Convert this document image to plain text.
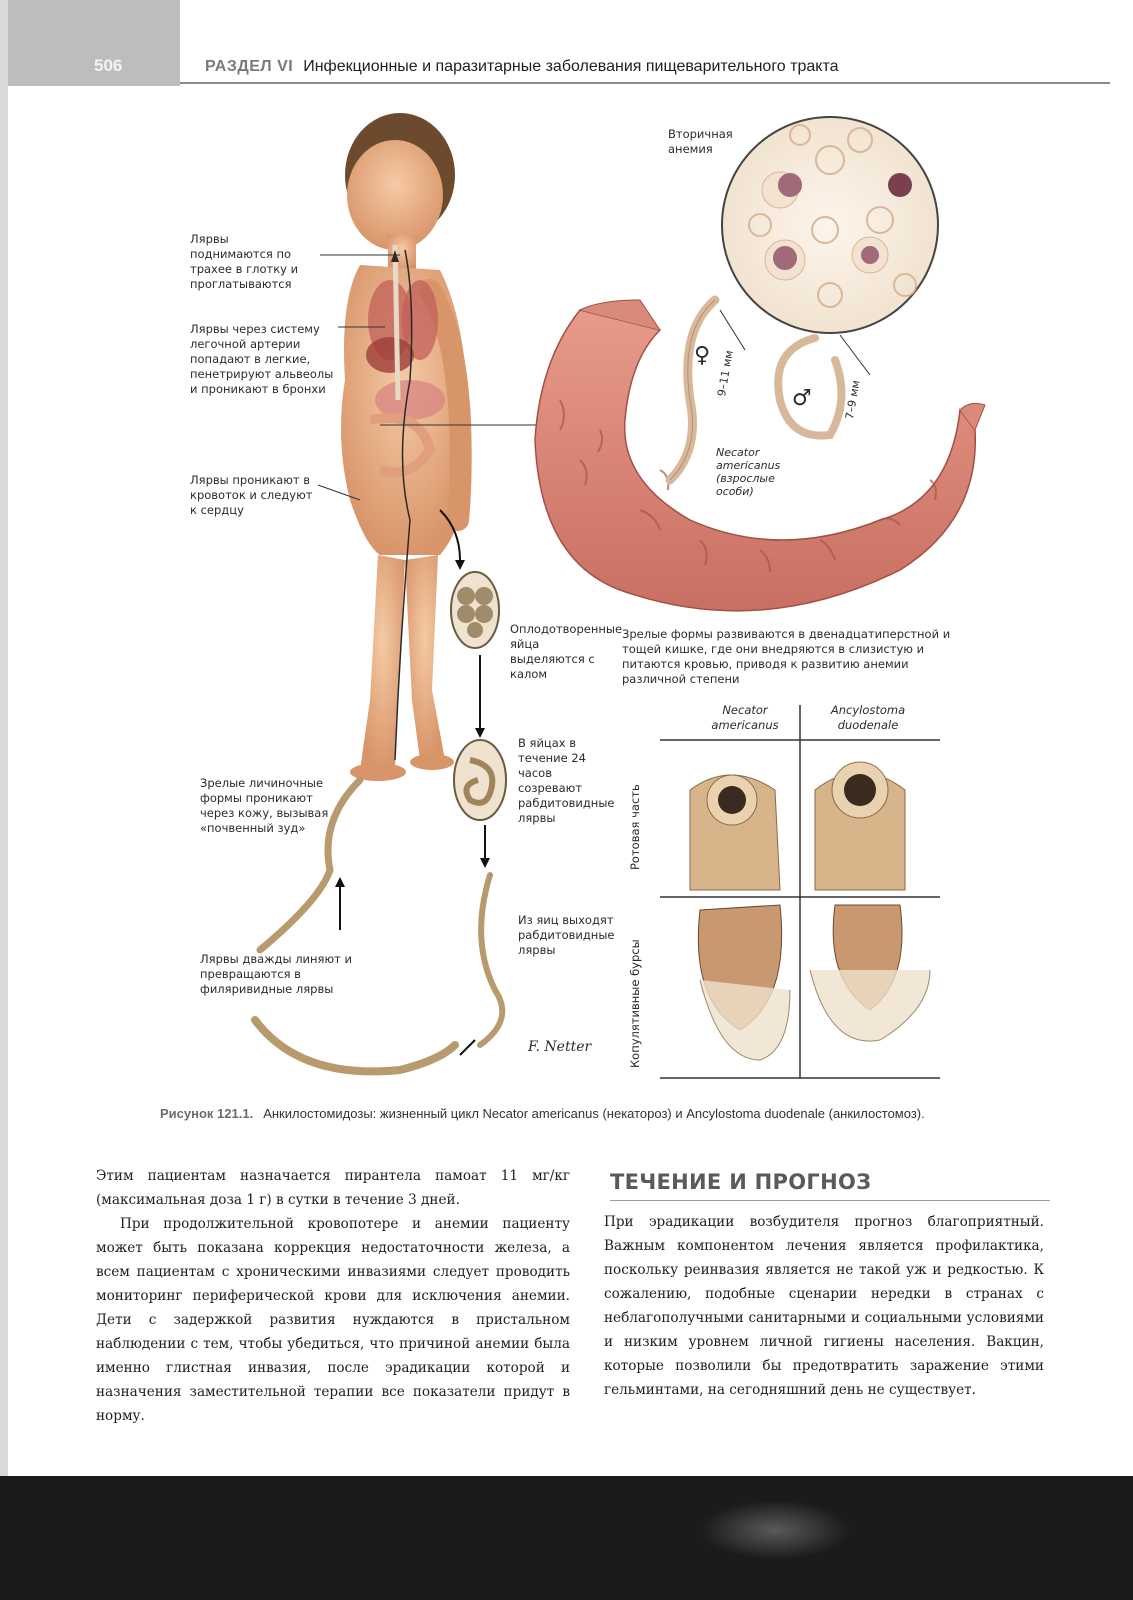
506	РАЗДЕЛ VI Инфекционные и паразитарные заболевания пищеварительного тракта
Вторичная анемия
Лярвы поднимаются по трахее в глотку и проглатываются
Лярвы через систему легочной артерии попадают в легкие, пенетрируют альвеолы и проникают в бронхи
Лярвы проникают в кровоток и следуют к сердцу
♀
♂
9–11 мм
7–9 мм
Necator americanus (взрослые особи)
Оплодотворенные яйца выделяются с калом
Зрелые формы развиваются в двенадцатиперстной и тощей кишке, где они внедряются в слизистую и питаются кровью, приводя к развитию анемии различной степени
Necator americanus
Ancylostoma duodenale
Ротовая часть
Копулятивные бурсы
В яйцах в течение 24 часов созревают рабдитовидные лярвы
Зрелые личиночные формы проникают через кожу, вызывая «почвенный зуд»
Из яиц выходят рабдитовидные лярвы
Лярвы дважды линяют и превращаются в филяривидные лярвы
F. Netter
Рисунок 121.1. Анкилостомидозы: жизненный цикл Necator americanus (некатороз) и Ancylostoma duodenale (анкилостомоз).

Этим пациентам назначается пирантела памоат 11 мг/кг (максимальная доза 1 г) в сутки в течение 3 дней.

При продолжительной кровопотере и анемии пациенту может быть показана коррекция недостаточности железа, а всем пациентам с хроническими инвазиями следует проводить мониторинг периферической крови для исключения анемии. Дети с задержкой развития нуждаются в пристальном наблюдении с тем, чтобы убедиться, что причиной анемии была именно глистная инвазия, после эрадикации которой и назначения заместительной терапии все показатели придут в норму.

ТЕЧЕНИЕ И ПРОГНОЗ

При эрадикации возбудителя прогноз благоприятный. Важным компонентом лечения является профилактика, поскольку реинвазия является не такой уж и редкостью. К сожалению, подобные сценарии нередки в странах с неблагополучными санитарными и социальными условиями и низким уровнем личной гигиены населения. Вакцин, которые позволили бы предотвратить заражение этими гельминтами, на сегодняшний день не существует.
